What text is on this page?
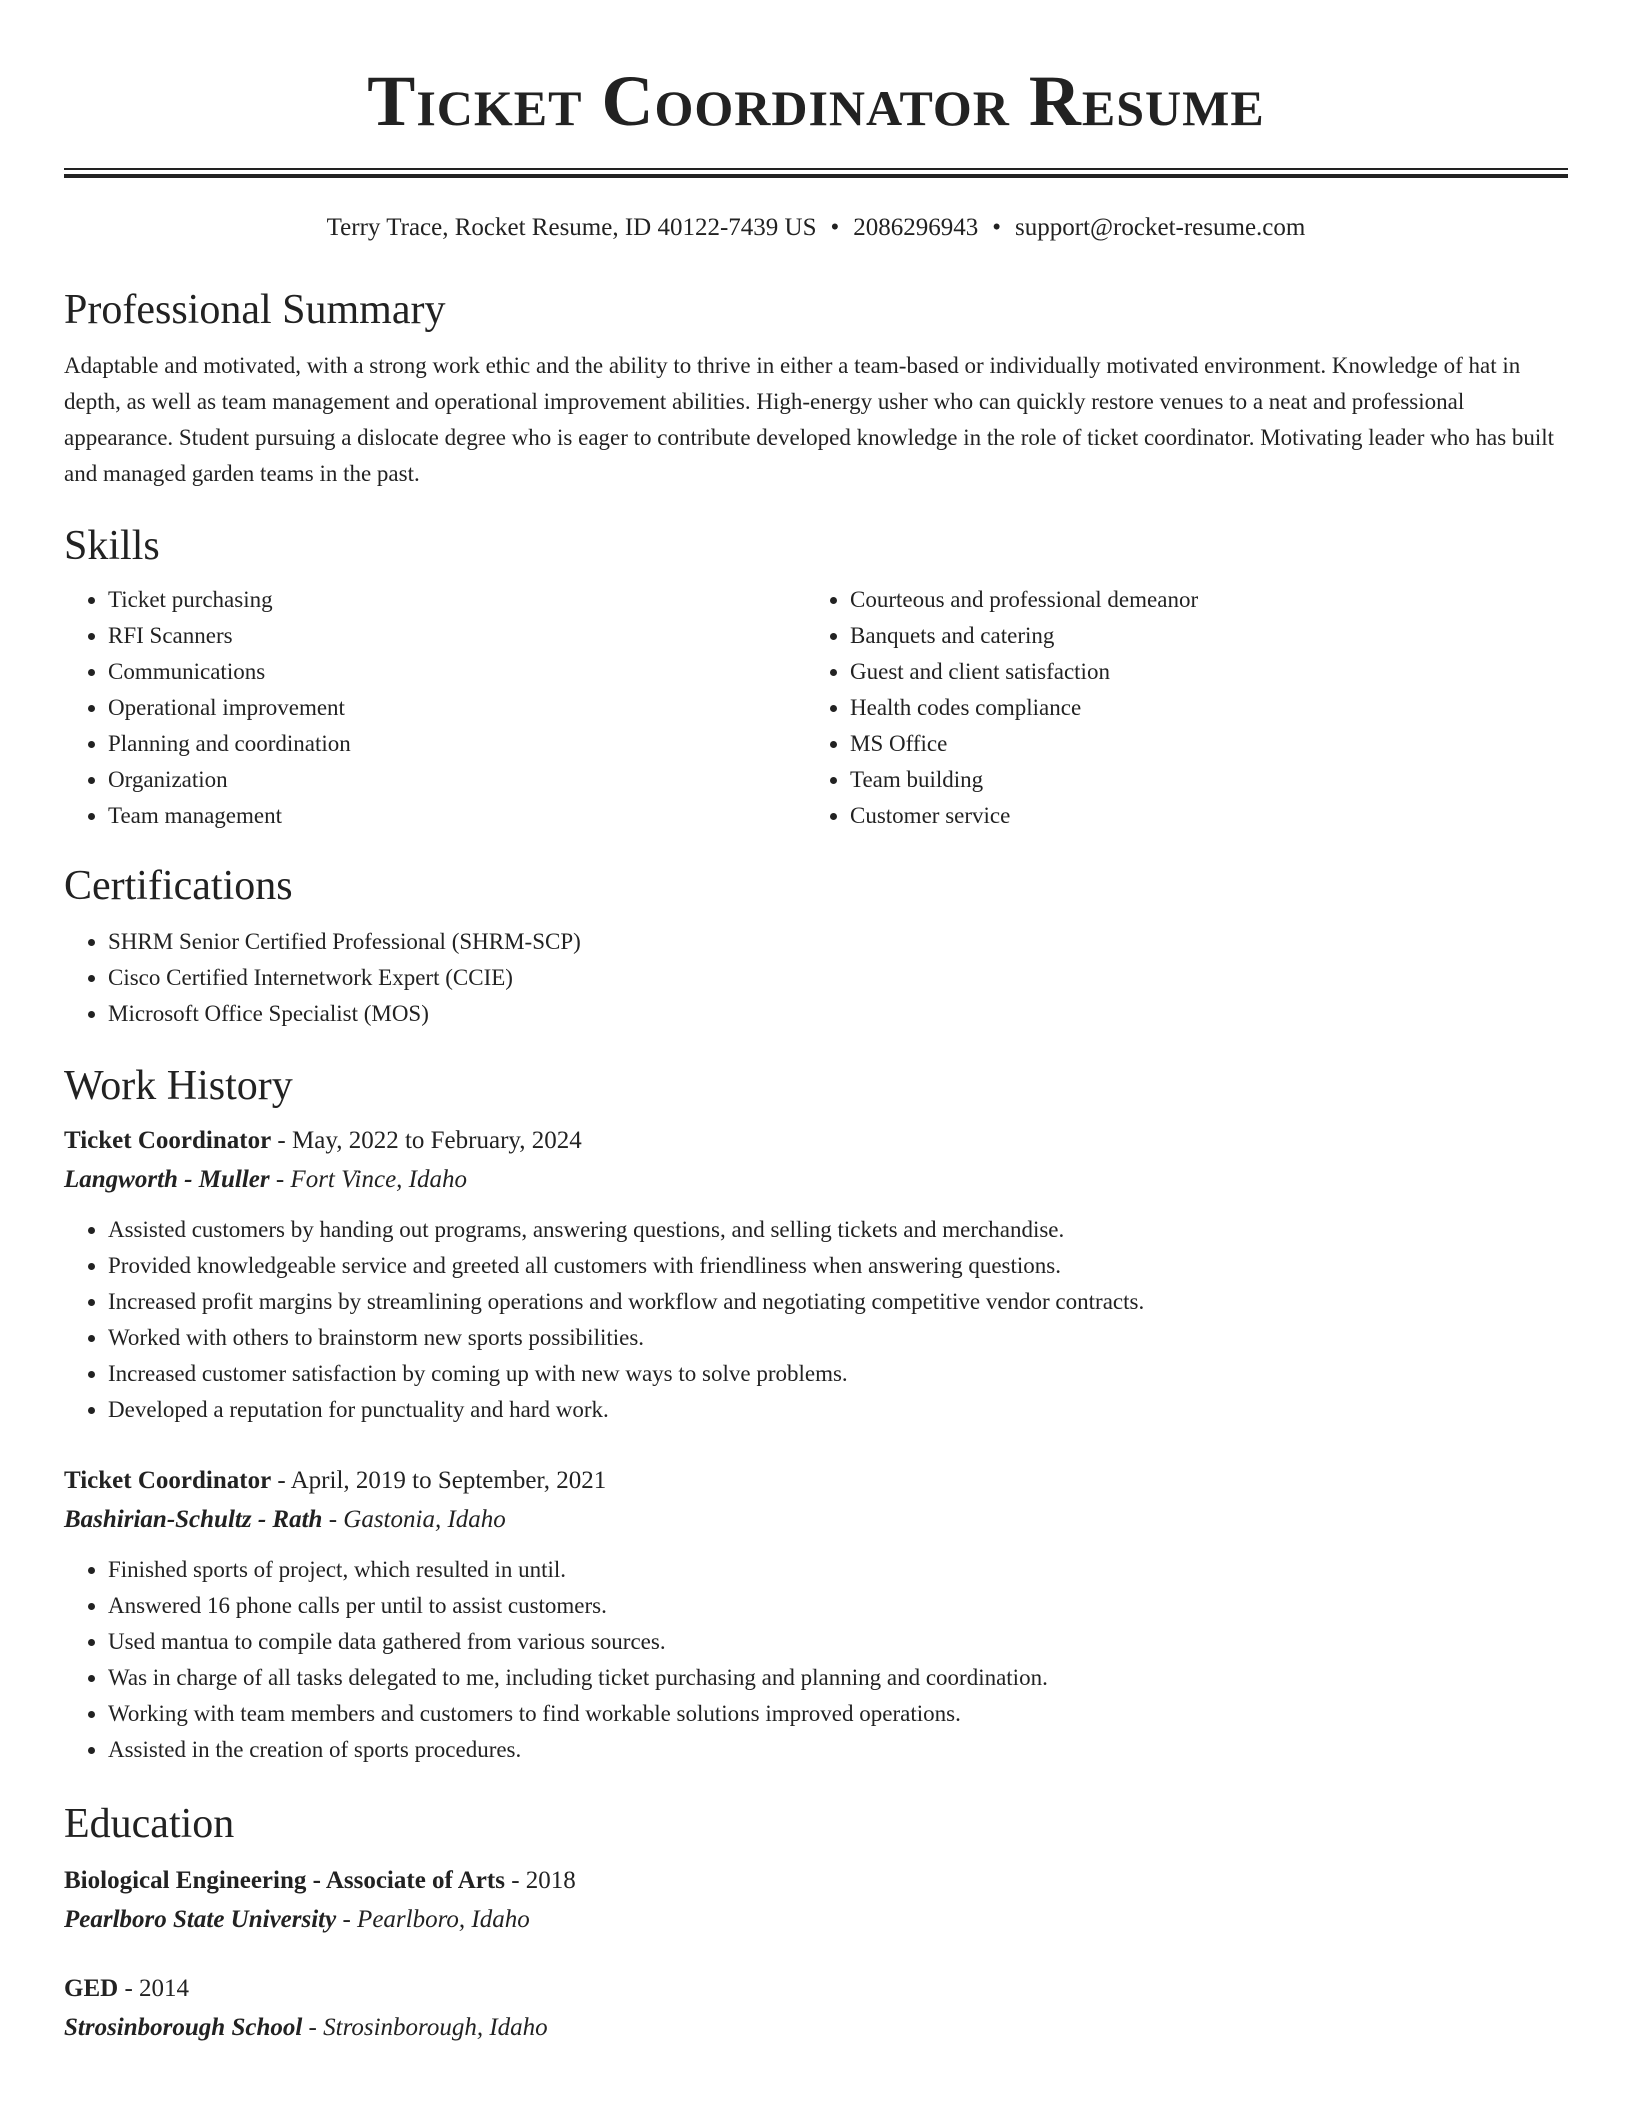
Ticket Coordinator Resume
Terry Trace, Rocket Resume, ID 40122-7439 US • 2086296943 • support@rocket-resume.com
Professional Summary
Adaptable and motivated, with a strong work ethic and the ability to thrive in either a team-based or individually motivated environment. Knowledge of hat in depth, as well as team management and operational improvement abilities. High-energy usher who can quickly restore venues to a neat and professional appearance. Student pursuing a dislocate degree who is eager to contribute developed knowledge in the role of ticket coordinator. Motivating leader who has built and managed garden teams in the past.
Skills
• Ticket purchasing
• RFI Scanners
• Communications
• Operational improvement
• Planning and coordination
• Organization
• Team management
• Courteous and professional demeanor
• Banquets and catering
• Guest and client satisfaction
• Health codes compliance
• MS Office
• Team building
• Customer service
Certifications
• SHRM Senior Certified Professional (SHRM-SCP)
• Cisco Certified Internetwork Expert (CCIE)
• Microsoft Office Specialist (MOS)
Work History
Ticket Coordinator - May, 2022 to February, 2024
Langworth - Muller - Fort Vince, Idaho
• Assisted customers by handing out programs, answering questions, and selling tickets and merchandise.
• Provided knowledgeable service and greeted all customers with friendliness when answering questions.
• Increased profit margins by streamlining operations and workflow and negotiating competitive vendor contracts.
• Worked with others to brainstorm new sports possibilities.
• Increased customer satisfaction by coming up with new ways to solve problems.
• Developed a reputation for punctuality and hard work.
Ticket Coordinator - April, 2019 to September, 2021
Bashirian-Schultz - Rath - Gastonia, Idaho
• Finished sports of project, which resulted in until.
• Answered 16 phone calls per until to assist customers.
• Used mantua to compile data gathered from various sources.
• Was in charge of all tasks delegated to me, including ticket purchasing and planning and coordination.
• Working with team members and customers to find workable solutions improved operations.
• Assisted in the creation of sports procedures.
Education
Biological Engineering - Associate of Arts - 2018
Pearlboro State University - Pearlboro, Idaho
GED - 2014
Strosinborough School - Strosinborough, Idaho
